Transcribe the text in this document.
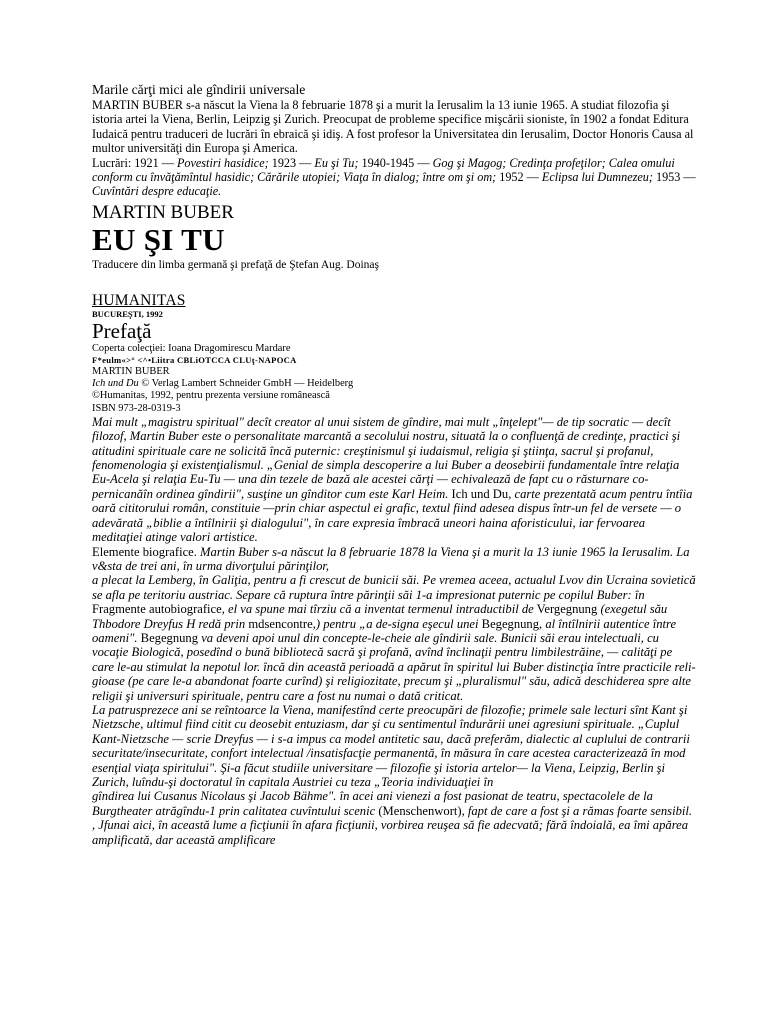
Marile cărţi mici ale gîndirii universale

MARTIN BUBER s-a născut la Viena la 8 februarie 1878 şi a murit la Ierusalim la 13 iunie 1965. A studiat filozofia şi istoria artei la Viena, Berlin, Leipzig şi Zurich. Preocupat de probleme specifice mişcării sioniste, în 1902 a fondat Editura Iudaică pentru traduceri de lucrări în ebraică şi idiş. A fost profesor la Universitatea din Ierusalim, Doctor Honoris Causa al multor universităţi din Europa şi America.

Lucrări: 1921 — Povestiri hasidice; 1923 — Eu şi Tu; 1940-1945 — Gog şi Magog; Credinţa profeţilor; Calea omului conform cu învăţămîntul hasidic; Cărările utopiei; Viaţa în dialog; între om şi om; 1952 — Eclipsa lui Dumnezeu; 1953 — Cuvîntări despre educaţie.

MARTIN BUBER
EU ŞI TU
Traducere din limba germană şi prefaţă de Ştefan Aug. Doinaş
HUMANITAS
BUCUREŞTI, 1992
Prefaţă

Coperta colecţiei: Ioana Dragomirescu Mardare

F*eulm«>° <^•Liitra CBLiOTCCA CLUţ-NAPOCA

MARTIN BUBER

Ich und Du © Verlag Lambert Schneider GmbH — Heidelberg

©Humanitas, 1992, pentru prezenta versiune românească

ISBN 973-28-0319-3

Mai mult „magistru spiritual" decît creator al unui sistem de gîndire, mai mult „înţelept"— de tip socratic — decît filozof, Martin Buber este o personalitate marcantă a secolului nostru, situată la o confluenţă de credinţe, practici şi atitudini spirituale care ne solicită încă puternic: creştinismul şi iudaismul, religia şi ştiinţa, sacrul şi profanul, fenomenologia şi existenţialismul. „Genial de simpla descoperire a lui Buber a deosebirii fundamentale între relaţia Eu-Acela şi relaţia Eu-Tu — una din tezele de bază ale acestei cărţi — echivalează de fapt cu o răsturnare co-pernicanăîn ordinea gîndirii", susţine un gînditor cum este Karl Heim. Ich und Du, carte prezentată acum pentru întîia oară cititorului român, constituie —prin chiar aspectul ei grafic, textul fiind adesea dispus într-un fel de versete — o adevărată „biblie a întîlnirii şi dialogului", în care expresia îmbracă uneori haina aforisticului, iar fervoarea meditaţiei atinge valori artistice.

Elemente biografice. Martin Buber s-a născut la 8 februarie 1878 la Viena şi a murit la 13 iunie 1965 la Ierusalim. La v&sta de trei ani, în urma divorţului părinţilor,

a plecat la Lemberg, în Galiţia, pentru a fi crescut de bunicii săi. Pe vremea aceea, actualul Lvov din Ucraina sovietică se afla pe teritoriu austriac. Separe că ruptura între părinţii săi 1-a impresionat puternic pe copilul Buber: în Fragmente autobiografice, el va spune mai tîrziu că a inventat termenul intraductibil de Vergegnung (exegetul său Thbodore Dreyfus H redă prin mdsencontre,) pentru „a de-signa eşecul unei Begegnung, al întîlnirii autentice între oameni". Begegnung va deveni apoi unul din concepte-le-cheie ale gîndirii sale. Bunicii săi erau intelectuali, cu vocaţie Biologică, posedînd o bună bibliotecă sacră şi profană, avînd înclinaţii pentru limbilestrăine, — calităţi pe care le-au stimulat la nepotul lor. încă din această perioadă a apărut în spiritul lui Buber distincţia între practicile reli-gioase (pe care le-a abandonat foarte curînd) şi religiozitate, precum şi „pluralismul" său, adică deschiderea spre alte religii şi universuri spirituale, pentru care a fost nu numai o dată criticat.

La patrusprezece ani se reîntoarce la Viena, manifestînd certe preocupări de filozofie; primele sale lecturi sînt Kant şi Nietzsche, ultimul fiind citit cu deosebit entuziasm, dar şi cu sentimentul îndurării unei agresiuni spirituale. „Cuplul Kant-Nietzsche — scrie Dreyfus — i s-a impus ca model antitetic sau, dacă preferăm, dialectic al cuplului de contrarii securitate/insecuritate, confort intelectual /insatisfacţie permanentă, în măsura în care acestea caracterizează în mod esenţial viaţa spiritului". Şi-a făcut studiile universitare — filozofie şi istoria artelor— la Viena, Leipzig, Berlin şi Zurich, luîndu-şi doctoratul în capitala Austriei cu teza „Teoria individuaţiei în

gîndirea lui Cusanus Nicolaus şi Jacob Bähme". în acei ani vienezi a fost pasionat de teatru, spectacolele de la Burgtheater atrăgîndu-1 prin calitatea cuvîntului scenic (Menschenwort), fapt de care a fost şi a rămas foarte sensibil. , Jfunai aici, în această lume a ficţiunii în afara ficţiunii, vorbirea reuşea să fie adecvată; fără îndoială, ea îmi apărea amplificată, dar această amplificare
